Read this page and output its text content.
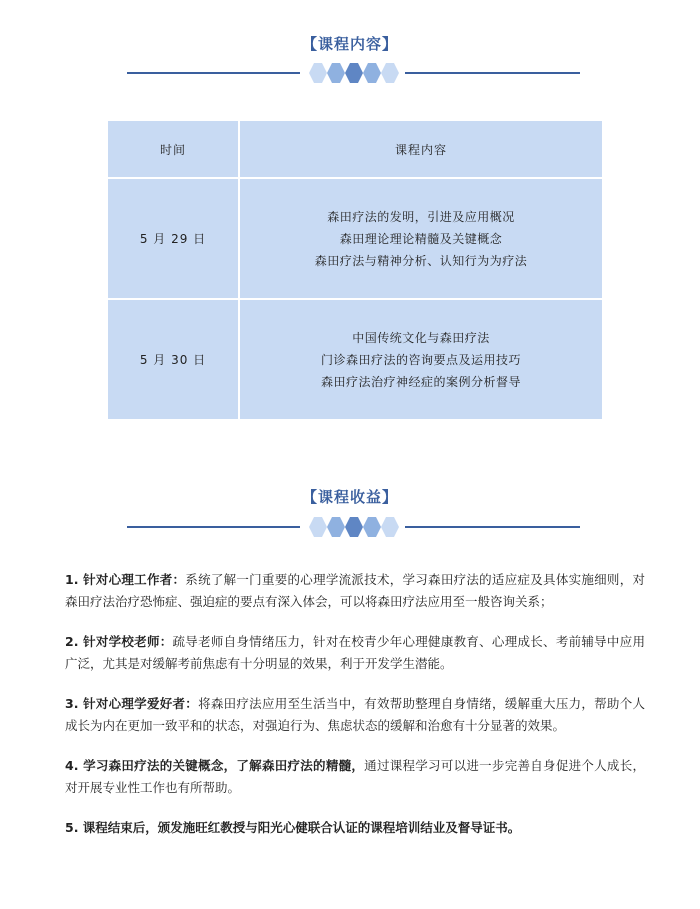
【课程内容】
时间	课程内容
5 月 29 日	森田疗法的发明，引进及应用概况
森田理论理论精髓及关键概念
森田疗法与精神分析、认知行为为疗法

5 月 30 日	中国传统文化与森田疗法
门诊森田疗法的咨询要点及运用技巧
森田疗法治疗神经症的案例分析督导
【课程收益】

1. 针对心理工作者：系统了解一门重要的心理学流派技术，学习森田疗法的适应症及具体实施细则，对森田疗法治疗恐怖症、强迫症的要点有深入体会，可以将森田疗法应用至一般咨询关系；

2. 针对学校老师：疏导老师自身情绪压力，针对在校青少年心理健康教育、心理成长、考前辅导中应用广泛，尤其是对缓解考前焦虑有十分明显的效果，利于开发学生潜能。

3. 针对心理学爱好者：将森田疗法应用至生活当中，有效帮助整理自身情绪，缓解重大压力，帮助个人成长为内在更加一致平和的状态，对强迫行为、焦虑状态的缓解和治愈有十分显著的效果。

4. 学习森田疗法的关键概念，了解森田疗法的精髓，通过课程学习可以进一步完善自身促进个人成长，对开展专业性工作也有所帮助。

5. 课程结束后，颁发施旺红教授与阳光心健联合认证的课程培训结业及督导证书。
